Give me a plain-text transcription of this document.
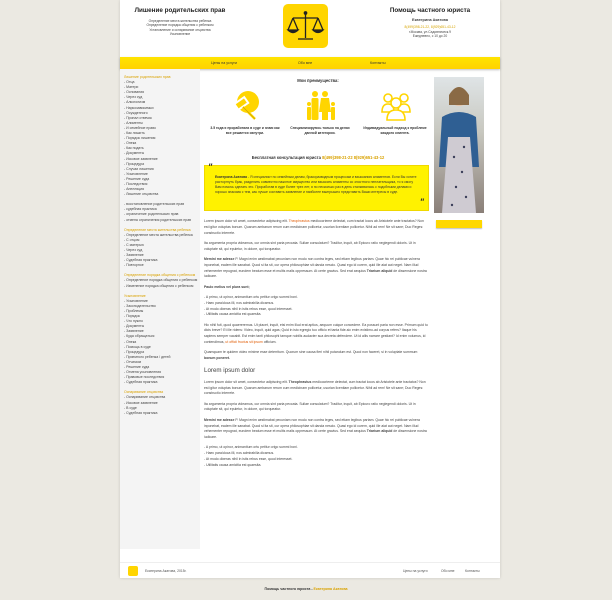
Лишение родительских прав
Определение места жительства ребенка
Определение порядка общения с ребенком
Установление и оспаривание отцовства
Усыновление
Помощь частного юриста
Екатерина Акатова
8(499)398-21-22, 8(929)651-43-12
г.Москва, ул.Садовническ.9
Ежедневно, с 10 до 20
Цены на услуги	Обо мне	Контакты
Лишение родительских прав
- Отца
- Матери
- Основания
- Через суд
- Алкоголизм
- Наркозависимых
- Осужденного
- Пропал отвечик
- Алименты
- И семейное право
- Как лишить
- Порядок лишения
- Опека
- Как подать
- Документы
- Исковое заявление
- Процедура
- Случаи лишения
- Усыновление
- Решение суда
- Последствия
- Апелляция
- Лишение отцовства
- восстановление родительских прав
- судебная практика
- ограничение родительских прав
- отмена ограничения родительских прав
Определение места жительства ребенка
- Определение места жительства ребенка
- С отцом
- С матерью
- Через суд
- Заявление
- Судебная практика
- Повторное
Определение порядка общения с ребенком
- Определение порядка общения с ребенком
- Изменение порядка общения с ребенком
Усыновление
- Усыновление
- Законодательство
- Проблемы
- Порядок
- Что нужно
- Документы
- Заявление
- Куда обращаться
- Опека
- Помощь в суде
- Процедура
- Приемного ребенка / детей
- Отчимом
- Решение суда
- Отмена усыновления
- Правовые последствия
- Судебная практика
Оспаривание отцовства
- Оспаривание отцовства
- Исковое заявление
- В суде
- Судебная практика
Мои преимущества:
3.5 года я проработала в суде и знаю как все решается изнутри.
Специализируюсь только на делах данной категории.
Индивидуальный подход к проблеме каждого клиента.
Бесплатная консультация юриста 8(499)398-21-22 8(929)651-43-12
"
Екатерина Акатова - Я специалист по семейным делам, бракоразводным процессам и взысканию алиментов. Если Вы хотите расторгнуть брак, разделить совместно нажитое имущество или взыскать алименты со злостного неплательщика, то я смогу Вам помочь сделать это. Проработав в суде более трех лет, я по несколько раз в день сталкивалась с подобными делами и хорошо знакома с тем, как лучше составить заявление и наиболее выигрышно представить Ваши интересы в суде.
"

Lorem ipsum dolor sit amet, consectetur adipiscing elit. Theophrastus medioocrieme delectat, cum tractat locos ab Aristotele ante tractatos? Non est igitur voluptas bonum. Quarum ambarum rerum cum medicinam pollicetur, usurian licentiam pollicetur. Nihil ad rem! Ne sit sane; Duo Reges: constructio interrete.

Ita argumenta propria videamus, cur omnia sint paria peccata. Sullae consulatum? Traditur, inquit, ab Epicuro ratio neglegendi doloris. Ut in voluptate sit, qui epuletur, in dolore, qui torqueatur.

Memini me adesse P. Magni enim aestimabat pecuniam non modo non contra leges, sed etiam legibus partam. Quae hic rei publicae vulnera inponebat, eadem ille sanabat. Quod si ita sit, cur opera philosophiae sit danda nescio. Quasi ego id curem, quid ille aiat aut neget. Nam illud vehementer repugnat, eundem beatum esse et multis malis oppressum. At certe gravius. Sed erat aequius Triarium aliquid de dissensione nostra iudicare.

Paulo melius vel plura sunt;

- A primo, ut opinor, animantium ortu petitur origo summi boni.
- Haec para/doca illi, nos admirabilia dicamus.
- At modo dixeras nihil in istis rebus esse, quod interesset.
- Utilitatis causa amicitia est quaesita.

Hic nihil fuit, quod quaereremus. Ut placet, inquit, etsi enim illud erat aptius, aequum cuique concedere. Ea possunt paria non esse. Primum quid tu dicis breve? Et ille ridens: Video, inquit, quid agas; Quid in isto egregio tuo officio et tanta fide-sic enim existimo-ad corpus refers? Itaque his sapiens semper vacabit. Est enim tanti philosophi tamque nobilis audacter sua decreta defendere. Ut id aliis narrare gestiant? Id enim volumus, id contendimus, ut officii fructus sit ipsum officium.

Quamquam te quidem video minime esse deterritum. Quorum sine causa fieri nihil putandum est. Quod non faceret, si in voluptate summum bonum poneret.

Lorem ipsum dolor

Lorem ipsum dolor sit amet, consectetur adipiscing elit. Theophrastus medioocrieme delectat, cum tractat locos ab Aristotele ante tractatos? Non est igitur voluptas bonum. Quarum ambarum rerum cum medicinam pollicetur, usurian licentiam pollicetur. Nihil ad rem! Ne sit sane; Duo Reges: constructio interrete.

Ita argumenta propria videamus, cur omnia sint paria peccata. Sullae consulatum? Traditur, inquit, ab Epicuro ratio neglegendi doloris. Ut in voluptate sit, qui epuletur, in dolore, qui torqueatur.

Memini me adesse P. Magni enim aestimabat pecuniam non modo non contra leges, sed etiam legibus partam. Quae hic rei publicae vulnera inponebat, eadem ille sanabat. Quod si ita sit, cur opera philosophiae sit danda nescio. Quasi ego id curem, quid ille aiat aut neget. Nam illud vehementer repugnat, eundem beatum esse et multis malis oppressum. At certe gravius. Sed erat aequius Triarium aliquid de dissensione nostra iudicare.

- A primo, ut opinor, animantium ortu petitur origo summi boni.
- Haec para/doca illi, nos admirabilia dicamus.
- At modo dixeras nihil in istis rebus esse, quod interesset.
- Utilitatis causa amicitia est quaesita.
Екатерина Акатова, 2015г.	Цены на услуги	Обо мне	Контакты
Помощь частного юриста - Екатерина Акатова
